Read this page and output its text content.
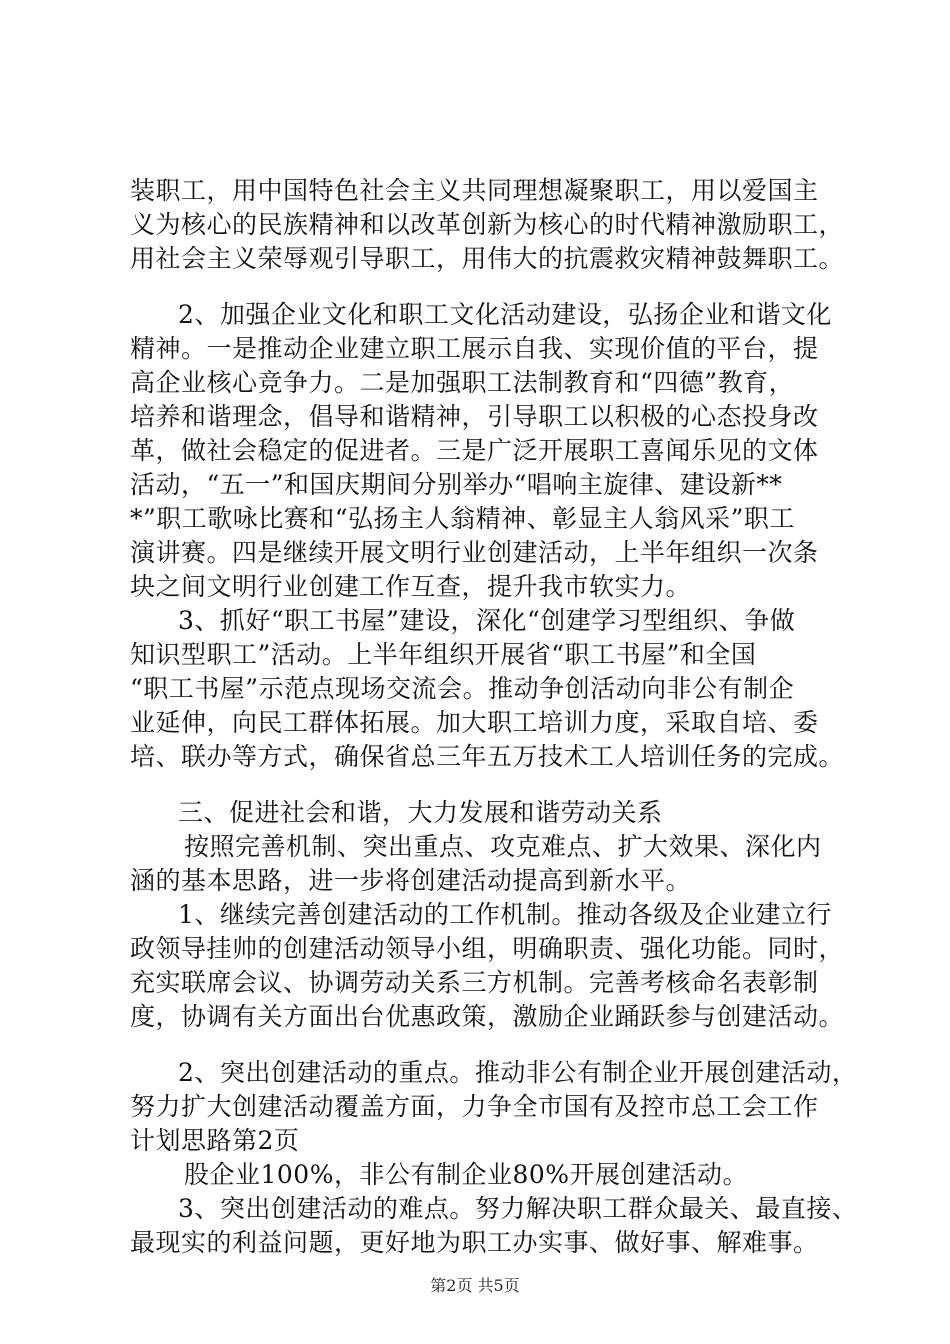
装职工，用中国特色社会主义共同理想凝聚职工，用以爱国主
义为核心的民族精神和以改革创新为核心的时代精神激励职工，
用社会主义荣辱观引导职工，用伟大的抗震救灾精神鼓舞职工。
2、加强企业文化和职工文化活动建设，弘扬企业和谐文化
精神。一是推动企业建立职工展示自我、实现价值的平台，提
高企业核心竞争力。二是加强职工法制教育和“四德”教育，
培养和谐理念，倡导和谐精神，引导职工以积极的心态投身改
革，做社会稳定的促进者。三是广泛开展职工喜闻乐见的文体
活动，“五一”和国庆期间分别举办“唱响主旋律、建设新**
*”职工歌咏比赛和“弘扬主人翁精神、彰显主人翁风采”职工
演讲赛。四是继续开展文明行业创建活动，上半年组织一次条
块之间文明行业创建工作互查，提升我市软实力。
3、抓好“职工书屋”建设，深化“创建学习型组织、争做
知识型职工”活动。上半年组织开展省“职工书屋”和全国
“职工书屋”示范点现场交流会。推动争创活动向非公有制企
业延伸，向民工群体拓展。加大职工培训力度，采取自培、委
培、联办等方式，确保省总三年五万技术工人培训任务的完成。
三、促进社会和谐，大力发展和谐劳动关系
按照完善机制、突出重点、攻克难点、扩大效果、深化内
涵的基本思路，进一步将创建活动提高到新水平。
1、继续完善创建活动的工作机制。推动各级及企业建立行
政领导挂帅的创建活动领导小组，明确职责、强化功能。同时，
充实联席会议、协调劳动关系三方机制。完善考核命名表彰制
度，协调有关方面出台优惠政策，激励企业踊跃参与创建活动。
2、突出创建活动的重点。推动非公有制企业开展创建活动，
努力扩大创建活动覆盖方面，力争全市国有及控市总工会工作
计划思路第2页
股企业100%，非公有制企业80%开展创建活动。
3、突出创建活动的难点。努力解决职工群众最关、最直接、
最现实的利益问题，更好地为职工办实事、做好事、解难事。
第2页 共5页
